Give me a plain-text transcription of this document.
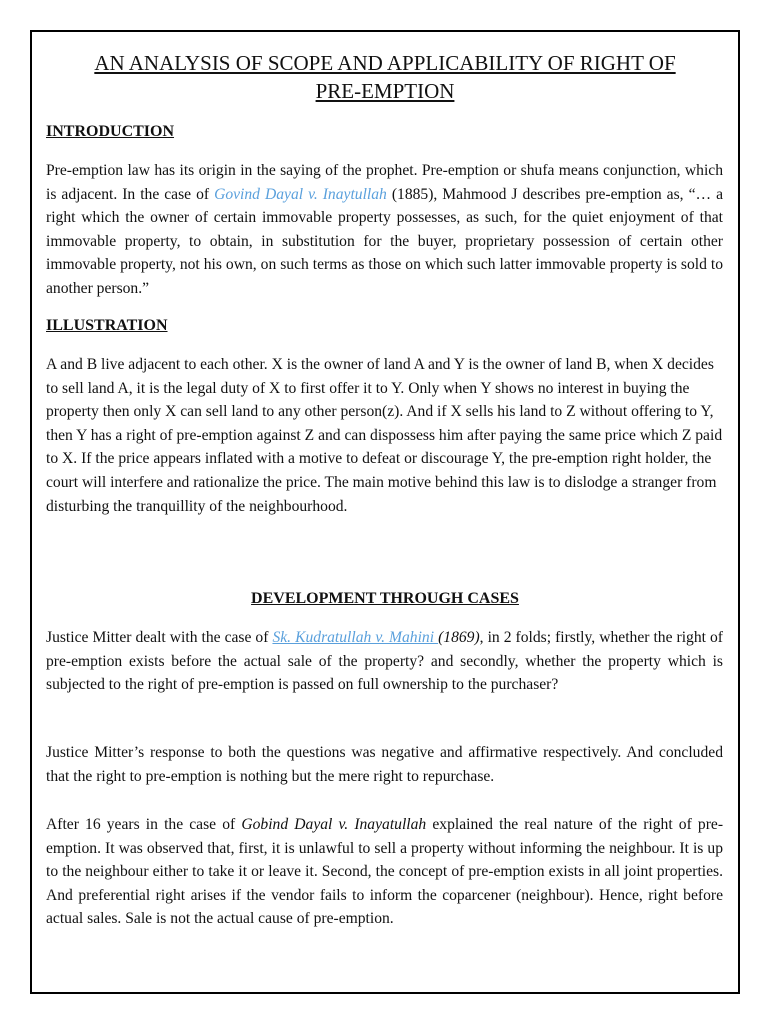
AN ANALYSIS OF SCOPE AND APPLICABILITY OF RIGHT OF
PRE-EMPTION
INTRODUCTION

Pre-emption law has its origin in the saying of the prophet. Pre-emption or shufa means conjunction, which is adjacent. In the case of Govind Dayal v. Inaytullah (1885), Mahmood J describes pre-emption as, “… a right which the owner of certain immovable property possesses, as such, for the quiet enjoyment of that immovable property, to obtain, in substitution for the buyer, proprietary possession of certain other immovable property, not his own, on such terms as those on which such latter immovable property is sold to another person.”

ILLUSTRATION

A and B live adjacent to each other. X is the owner of land A and Y is the owner of land B, when X decides to sell land A, it is the legal duty of X to first offer it to Y. Only when Y shows no interest in buying the property then only X can sell land to any other person(z). And if X sells his land to Z without offering to Y, then Y has a right of pre-emption against Z and can dispossess him after paying the same price which Z paid to X. If the price appears inflated with a motive to defeat or discourage Y, the pre-emption right holder, the court will interfere and rationalize the price. The main motive behind this law is to dislodge a stranger from disturbing the tranquillity of the neighbourhood.

DEVELOPMENT THROUGH CASES

Justice Mitter dealt with the case of Sk. Kudratullah v. Mahini (1869), in 2 folds; firstly, whether the right of pre-emption exists before the actual sale of the property? and secondly, whether the property which is subjected to the right of pre-emption is passed on full ownership to the purchaser?

Justice Mitter’s response to both the questions was negative and affirmative respectively. And concluded that the right to pre-emption is nothing but the mere right to repurchase.

After 16 years in the case of Gobind Dayal v. Inayatullah explained the real nature of the right of pre-emption. It was observed that, first, it is unlawful to sell a property without informing the neighbour. It is up to the neighbour either to take it or leave it. Second, the concept of pre-emption exists in all joint properties. And preferential right arises if the vendor fails to inform the coparcener (neighbour). Hence, right before actual sales. Sale is not the actual cause of pre-emption.
